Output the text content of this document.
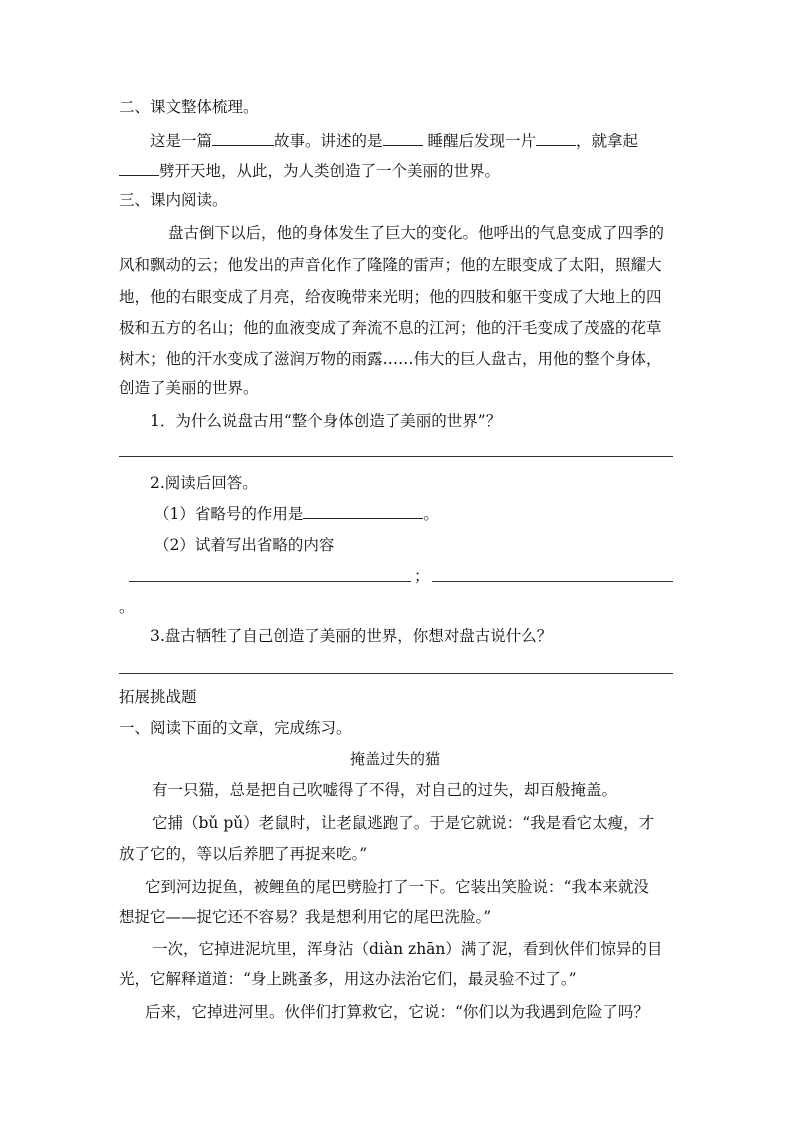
二、课文整体梳理。
这是一篇	故事。讲述的是	睡醒后发现一片	，就拿起
劈开天地，从此，为人类创造了一个美丽的世界。
三、课内阅读。
盘古倒下以后，他的身体发生了巨大的变化。他呼出的气息变成了四季的
风和飘动的云；他发出的声音化作了隆隆的雷声；他的左眼变成了太阳，照耀大
地，他的右眼变成了月亮，给夜晚带来光明；他的四肢和躯干变成了大地上的四
极和五方的名山；他的血液变成了奔流不息的江河；他的汗毛变成了茂盛的花草
树木；他的汗水变成了滋润万物的雨露……伟大的巨人盘古，用他的整个身体，
创造了美丽的世界。
1．为什么说盘古用“整个身体创造了美丽的世界”？
2.阅读后回答。
（1）省略号的作用是	。
（2）试着写出省略的内容
；
。
3.盘古牺牲了自己创造了美丽的世界，你想对盘古说什么？
拓展挑战题
一、阅读下面的文章，完成练习。
掩盖过失的猫
有一只猫，总是把自己吹嘘得了不得，对自己的过失，却百般掩盖。
它捕（bǔ pǔ）老鼠时，让老鼠逃跑了。于是它就说：“我是看它太瘦，才
放了它的，等以后养肥了再捉来吃。”
它到河边捉鱼，被鲤鱼的尾巴劈脸打了一下。它装出笑脸说：“我本来就没
想捉它——捉它还不容易？我是想利用它的尾巴洗脸。”
一次，它掉进泥坑里，浑身沾（diàn zhān）满了泥，看到伙伴们惊异的目
光，它解释道道：“身上跳蚤多，用这办法治它们，最灵验不过了。”
后来，它掉进河里。伙伴们打算救它，它说：“你们以为我遇到危险了吗？
